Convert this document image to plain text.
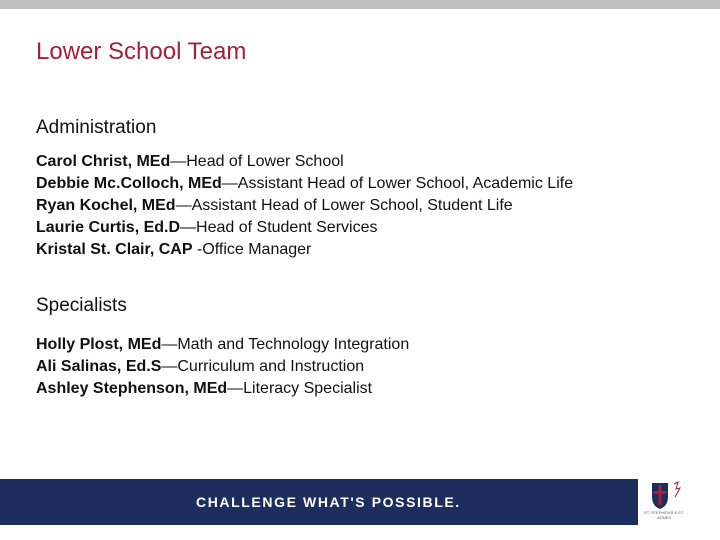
Lower School Team
Administration
Carol Christ, MEd—Head of Lower School
Debbie Mc.Colloch, MEd—Assistant Head of Lower School, Academic Life
Ryan Kochel, MEd—Assistant Head of Lower School, Student Life
Laurie Curtis, Ed.D—Head of Student Services
Kristal St. Clair, CAP -Office Manager
Specialists
Holly Plost, MEd—Math and Technology Integration
Ali Salinas, Ed.S—Curriculum and Instruction
Ashley Stephenson, MEd—Literacy Specialist
CHALLENGE WHAT'S POSSIBLE.
ST. STEPHEN'S & ST. AGNES
